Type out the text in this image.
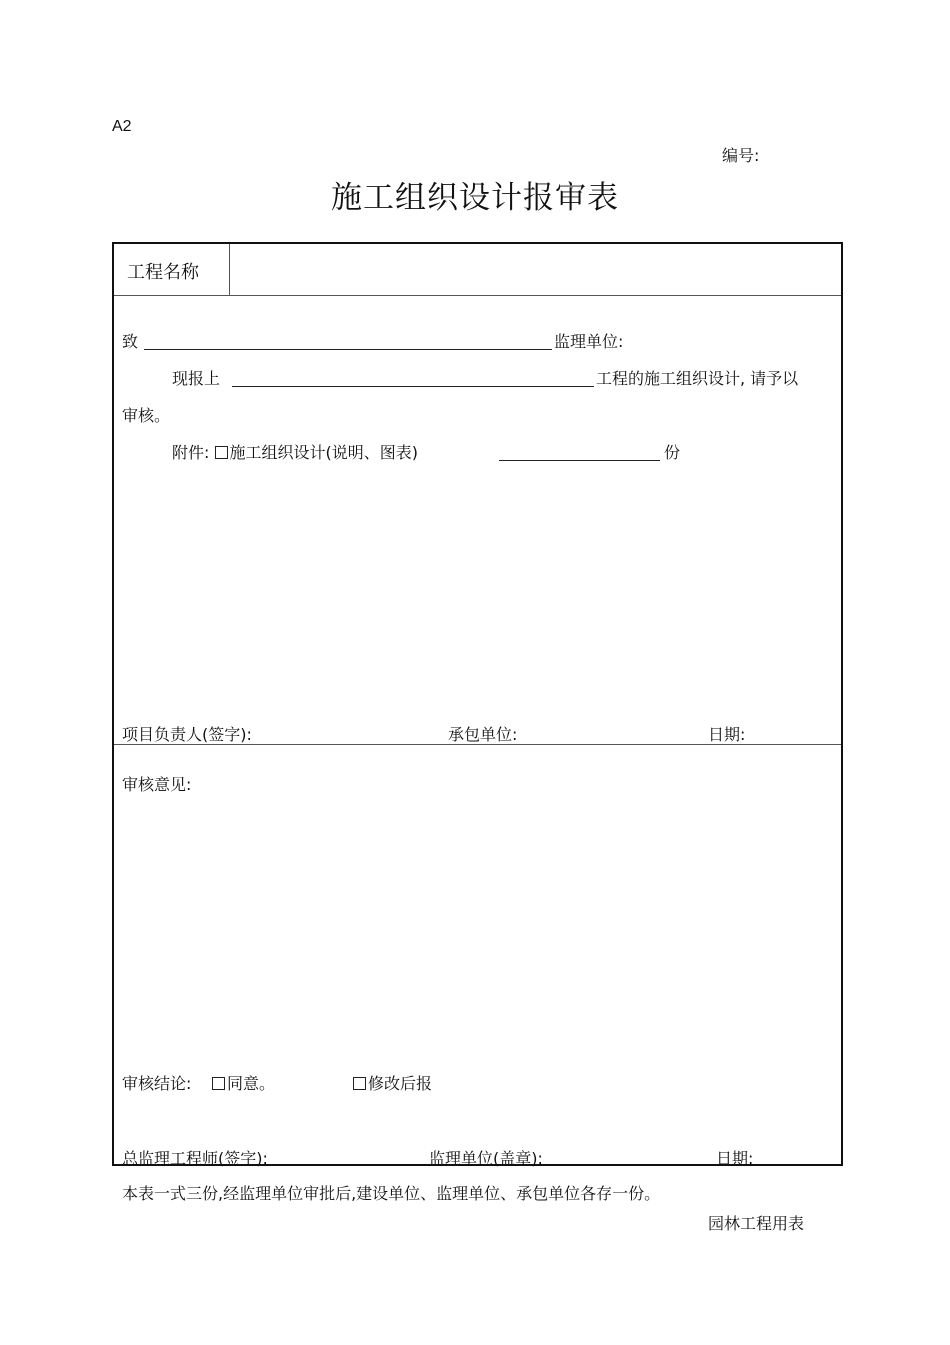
A2
编号:
施工组织设计报审表
工程名称
致	监理单位:
现报上	工程的施工组织设计, 请予以
审核。
附件: 施工组织设计(说明、图表)	份
项目负责人(签字):	承包单位:	日期:
审核意见:
审核结论:	同意。	修改后报
总监理工程师(签字):	监理单位(盖章):	日期:
本表一式三份,经监理单位审批后,建设单位、监理单位、承包单位各存一份。
园林工程用表
